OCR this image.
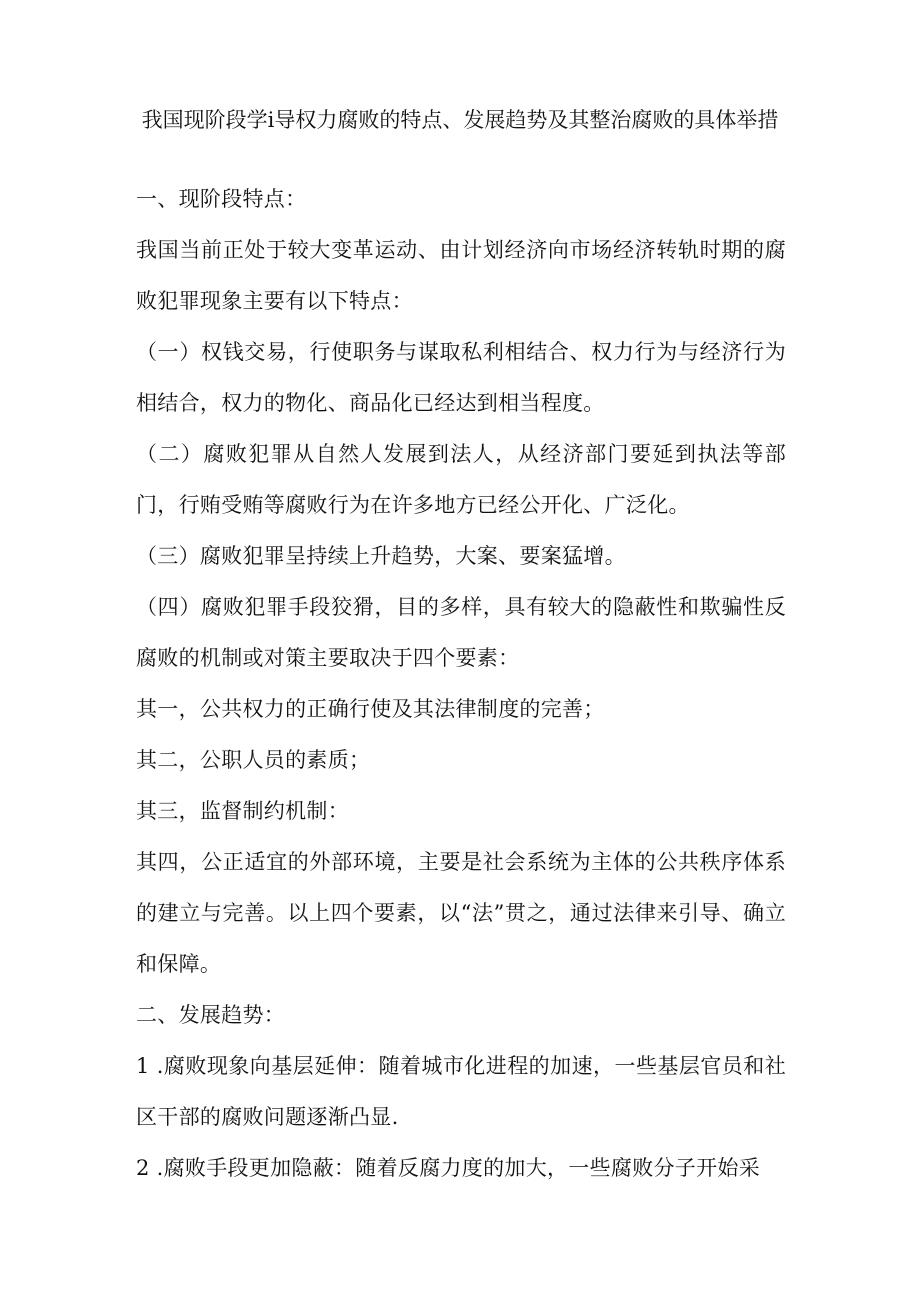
我国现阶段学i导权力腐败的特点、发展趋势及其整治腐败的具体举措

一、现阶段特点：

我国当前正处于较大变革运动、由计划经济向市场经济转轨时期的腐败犯罪现象主要有以下特点：

（一）权钱交易，行使职务与谋取私利相结合、权力行为与经济行为相结合，权力的物化、商品化已经达到相当程度。

（二）腐败犯罪从自然人发展到法人，从经济部门要延到执法等部门，行贿受贿等腐败行为在许多地方已经公开化、广泛化。

（三）腐败犯罪呈持续上升趋势，大案、要案猛增。

（四）腐败犯罪手段狡猾，目的多样，具有较大的隐蔽性和欺骗性反腐败的机制或对策主要取决于四个要素：

其一，公共权力的正确行使及其法律制度的完善；

其二，公职人员的素质；

其三，监督制约机制：

其四，公正适宜的外部环境，主要是社会系统为主体的公共秩序体系的建立与完善。以上四个要素，以“法”贯之，通过法律来引导、确立和保障。

二、发展趋势：

1 .腐败现象向基层延伸：随着城市化进程的加速，一些基层官员和社区干部的腐败问题逐渐凸显.

2 .腐败手段更加隐蔽：随着反腐力度的加大，一些腐败分子开始采
